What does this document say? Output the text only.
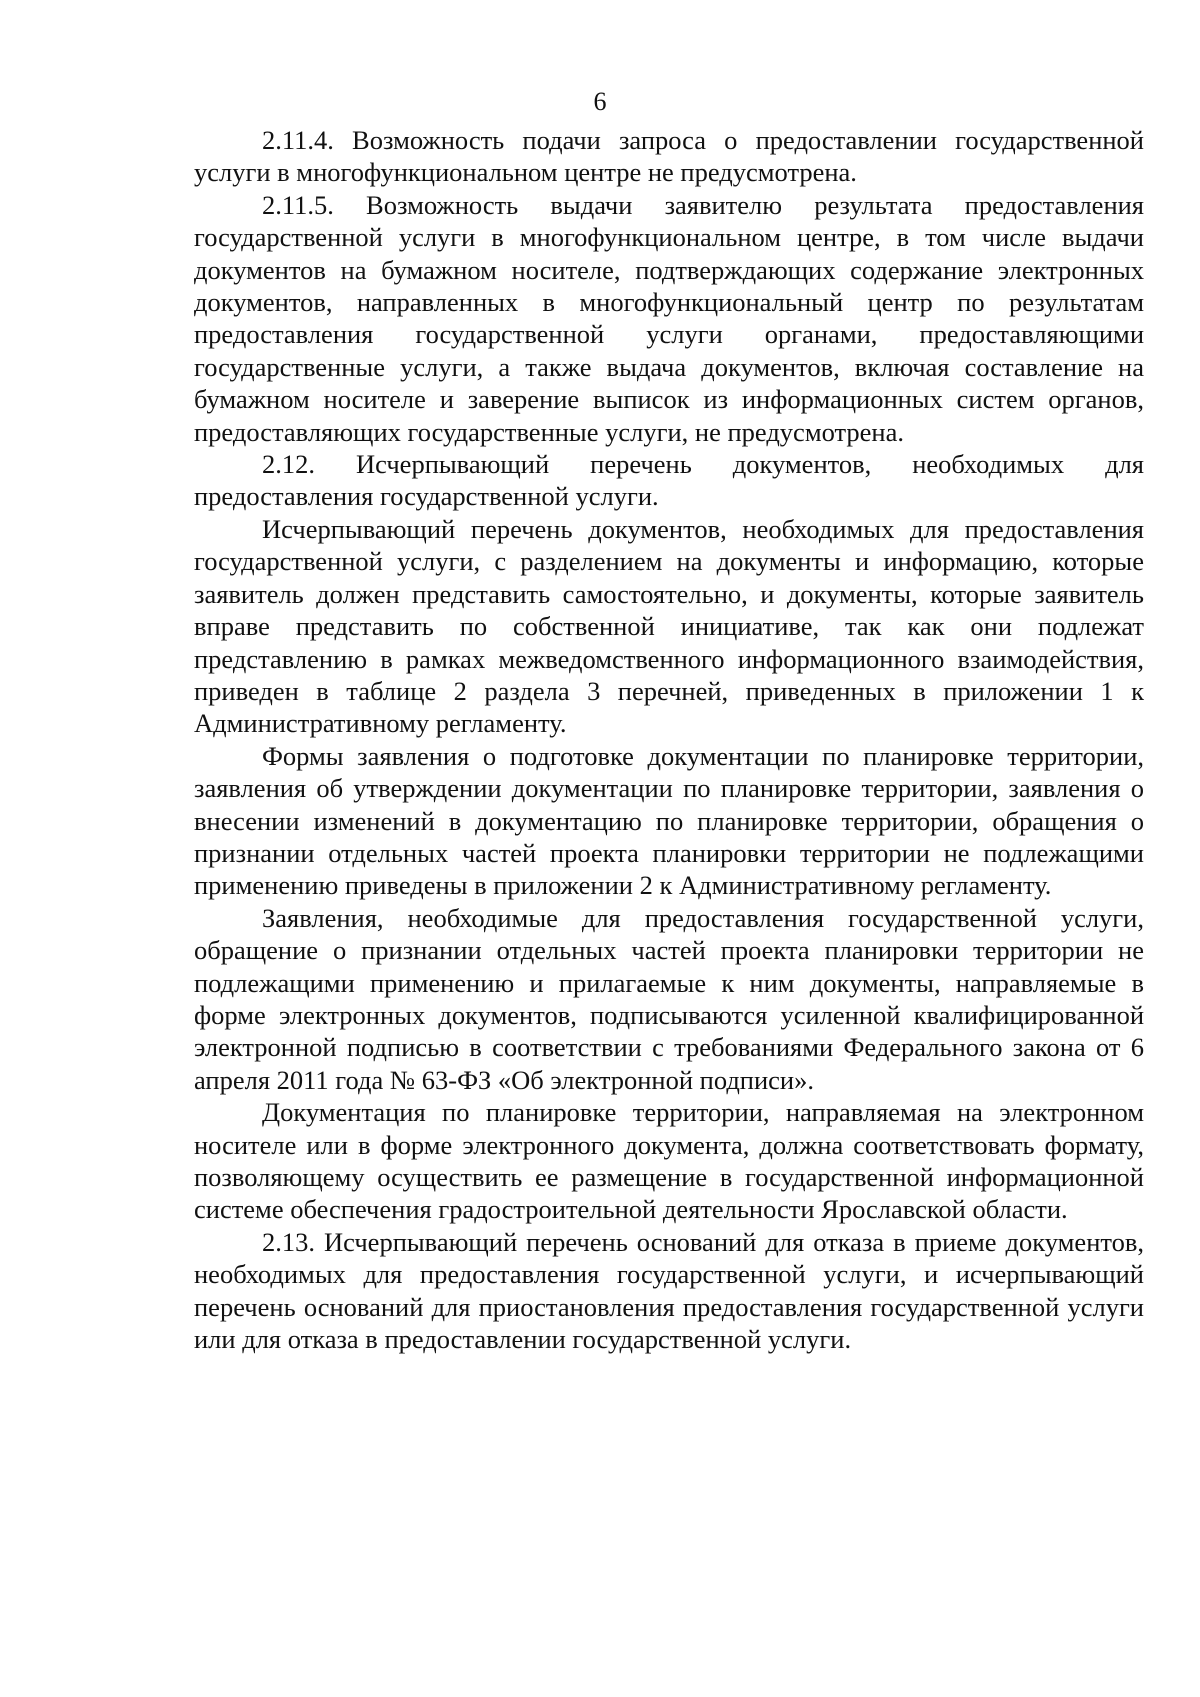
6

2.11.4. Возможность подачи запроса о предоставлении государственной услуги в многофункциональном центре не предусмотрена.

2.11.5. Возможность выдачи заявителю результата предоставления государственной услуги в многофункциональном центре, в том числе выдачи документов на бумажном носителе, подтверждающих содержание электронных документов, направленных в многофункциональный центр по результатам предоставления государственной услуги органами, предоставляющими государственные услуги, а также выдача документов, включая составление на бумажном носителе и заверение выписок из информационных систем органов, предоставляющих государственные услуги, не предусмотрена.

2.12. Исчерпывающий перечень документов, необходимых для предоставления государственной услуги.

Исчерпывающий перечень документов, необходимых для предоставления государственной услуги, с разделением на документы и информацию, которые заявитель должен представить самостоятельно, и документы, которые заявитель вправе представить по собственной инициативе, так как они подлежат представлению в рамках межведомственного информационного взаимодействия, приведен в таблице 2 раздела 3 перечней, приведенных в приложении 1 к Административному регламенту.

Формы заявления о подготовке документации по планировке территории, заявления об утверждении документации по планировке территории, заявления о внесении изменений в документацию по планировке территории, обращения о признании отдельных частей проекта планировки территории не подлежащими применению приведены в приложении 2 к Административному регламенту.

Заявления, необходимые для предоставления государственной услуги, обращение о признании отдельных частей проекта планировки территории не подлежащими применению и прилагаемые к ним документы, направляемые в форме электронных документов, подписываются усиленной квалифицированной электронной подписью в соответствии с требованиями Федерального закона от 6 апреля 2011 года № 63-ФЗ «Об электронной подписи».

Документация по планировке территории, направляемая на электронном носителе или в форме электронного документа, должна соответствовать формату, позволяющему осуществить ее размещение в государственной информационной системе обеспечения градостроительной деятельности Ярославской области.

2.13. Исчерпывающий перечень оснований для отказа в приеме документов, необходимых для предоставления государственной услуги, и исчерпывающий перечень оснований для приостановления предоставления государственной услуги или для отказа в предоставлении государственной услуги.
